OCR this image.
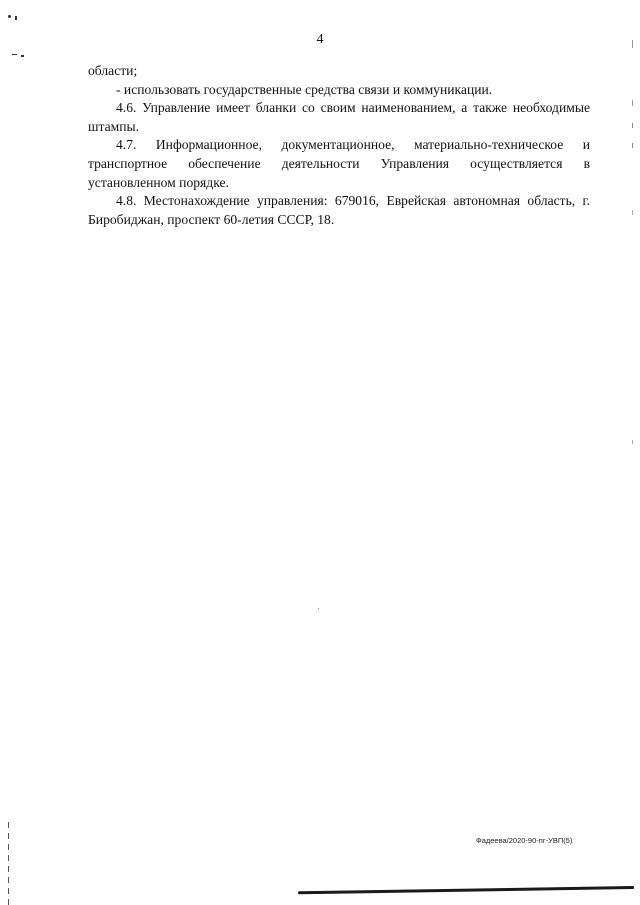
4

области;

- использовать государственные средства связи и коммуникации.

4.6. Управление имеет бланки со своим наименованием, а также необходимые штампы.

4.7. Информационное, документационное, материально-техническое и транспортное обеспечение деятельности Управления осуществляется в установленном порядке.

4.8. Местонахождение управления: 679016, Еврейская автономная область, г. Биробиджан, проспект 60-летия СССР, 18.

Фадеева/2020-90-пг-УВП(5)
